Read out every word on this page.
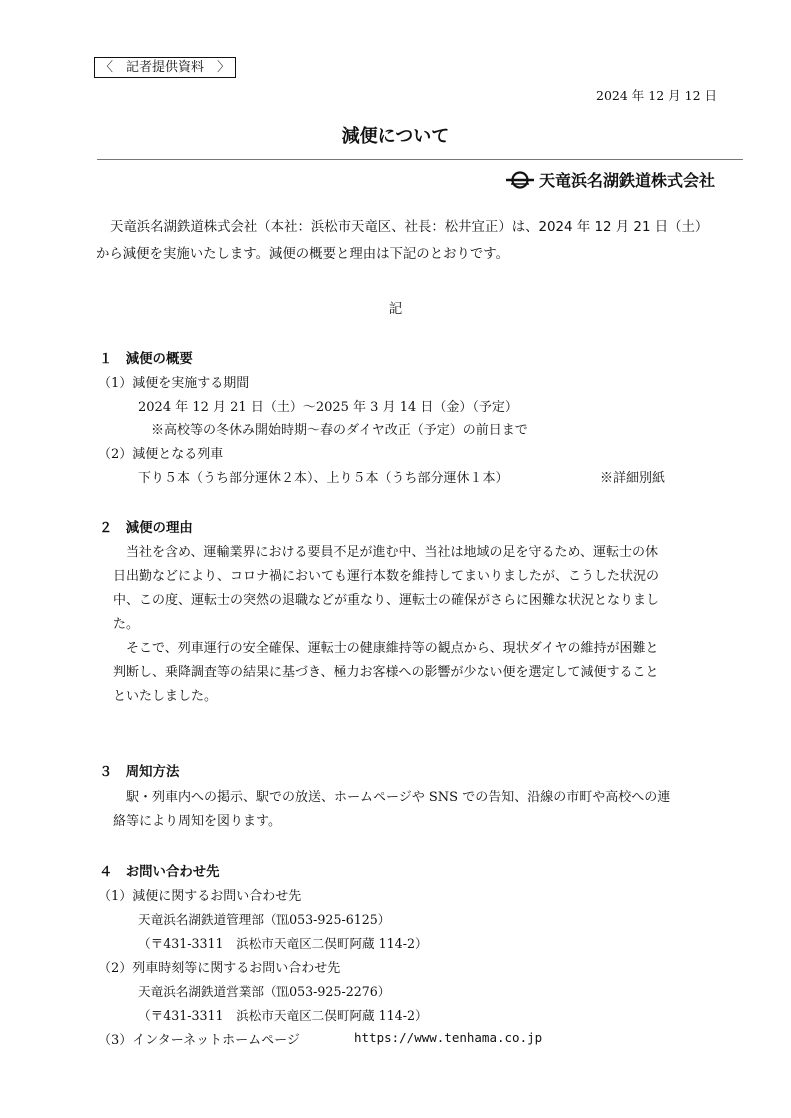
〈　記者提供資料　〉
2024 年 12 月 12 日
減便について
天竜浜名湖鉄道株式会社
天竜浜名湖鉄道株式会社（本社：浜松市天竜区、社長：松井宜正）は、2024 年 12 月 21 日（土）
から減便を実施いたします。減便の概要と理由は下記のとおりです。
記
１　減便の概要
（1）減便を実施する期間
2024 年 12 月 21 日（土）～2025 年 3 月 14 日（金）（予定）
※高校等の冬休み開始時期～春のダイヤ改正（予定）の前日まで
（2）減便となる列車
下り５本（うち部分運休２本）、上り５本（うち部分運休１本）	※詳細別紙
２　減便の理由
当社を含め、運輸業界における要員不足が進む中、当社は地域の足を守るため、運転士の休
日出勤などにより、コロナ禍においても運行本数を維持してまいりましたが、こうした状況の
中、この度、運転士の突然の退職などが重なり、運転士の確保がさらに困難な状況となりまし
た。
そこで、列車運行の安全確保、運転士の健康維持等の観点から、現状ダイヤの維持が困難と
判断し、乗降調査等の結果に基づき、極力お客様への影響が少ない便を選定して減便すること
といたしました。
３　周知方法
駅・列車内への掲示、駅での放送、ホームページや SNS での告知、沿線の市町や高校への連
絡等により周知を図ります。
４　お問い合わせ先
（1）減便に関するお問い合わせ先
天竜浜名湖鉄道管理部（℡053-925-6125）
（〒431-3311　浜松市天竜区二俣町阿蔵 114-2）
（2）列車時刻等に関するお問い合わせ先
天竜浜名湖鉄道営業部（℡053-925-2276）
（〒431-3311　浜松市天竜区二俣町阿蔵 114-2）
（3）インターネットホームページ	https://www.tenhama.co.jp
